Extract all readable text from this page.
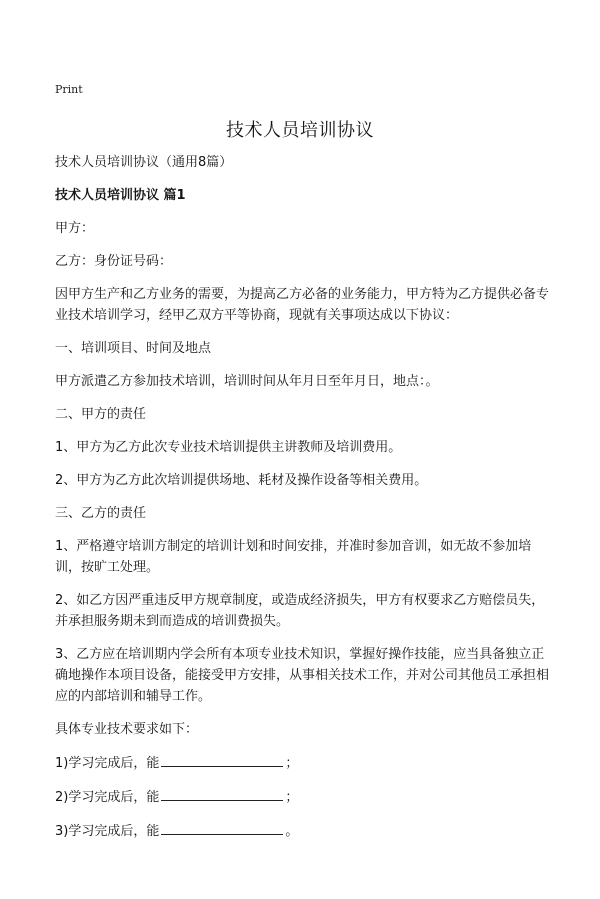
Print
技术人员培训协议

技术人员培训协议（通用8篇）

技术人员培训协议 篇1

甲方：

乙方：身份证号码：

因甲方生产和乙方业务的需要，为提高乙方必备的业务能力，甲方特为乙方提供必备专业技术培训学习，经甲乙双方平等协商，现就有关事项达成以下协议：

一、培训项目、时间及地点

甲方派遣乙方参加技术培训，培训时间从年月日至年月日，地点：。

二、甲方的责任

1、甲方为乙方此次专业技术培训提供主讲教师及培训费用。

2、甲方为乙方此次培训提供场地、耗材及操作设备等相关费用。

三、乙方的责任

1、严格遵守培训方制定的培训计划和时间安排，并准时参加音训，如无故不参加培训，按旷工处理。

2、如乙方因严重违反甲方规章制度，或造成经济损失，甲方有权要求乙方赔偿员失，并承担服务期未到而造成的培训费损失。

3、乙方应在培训期内学会所有本项专业技术知识，掌握好操作技能，应当具备独立正确地操作本项目设备，能接受甲方安排，从事相关技术工作，并对公司其他员工承担相应的内部培训和辅导工作。

具体专业技术要求如下：

1)学习完成后，能	；

2)学习完成后，能	；

3)学习完成后，能	。
